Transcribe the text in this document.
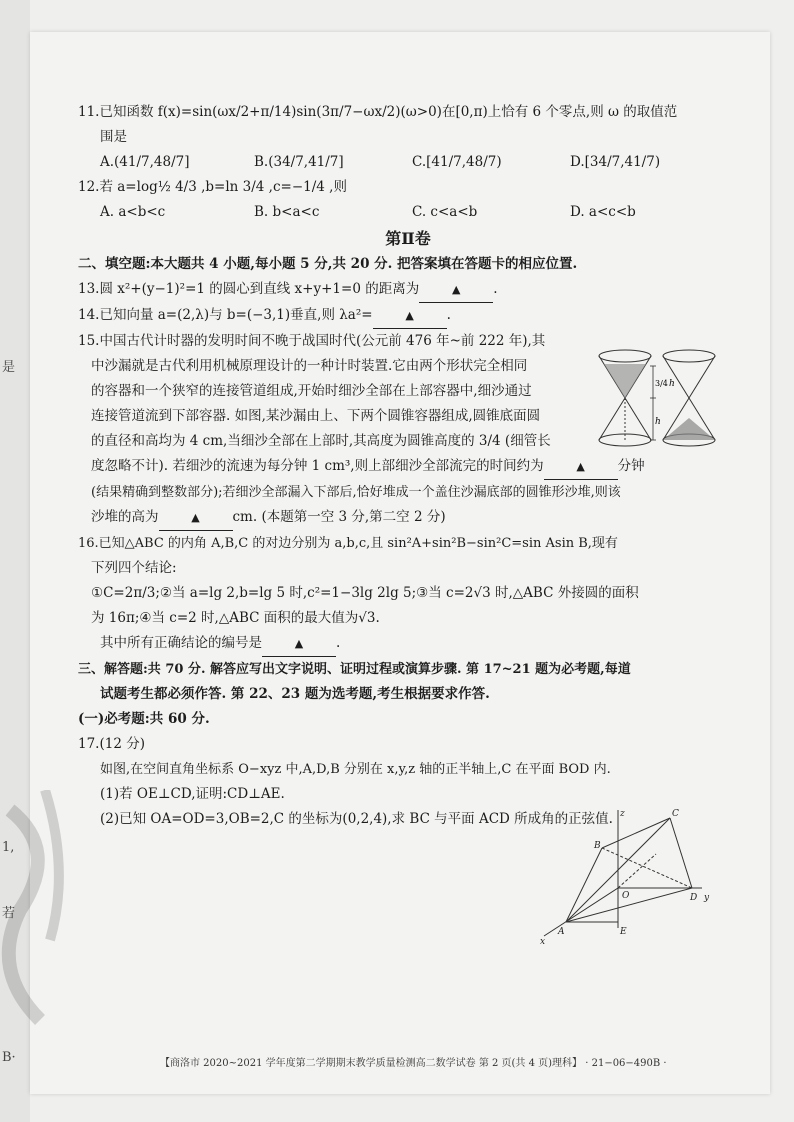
是
1,
若
B·
11.已知函数 f(x)=sin(ωx/2+π/14)sin(3π/7−ωx/2)(ω>0)在[0,π)上恰有 6 个零点,则 ω 的取值范
围是
A.(41/7,48/7]	B.(34/7,41/7]	C.[41/7,48/7)	D.[34/7,41/7)
12.若 a=log½ 4/3 ,b=ln 3/4 ,c=−1/4 ,则
A. a<b<c	B. b<a<c	C. c<a<b	D. a<c<b
第Ⅱ卷
二、填空题:本大题共 4 小题,每小题 5 分,共 20 分. 把答案填在答题卡的相应位置.
13.圆 x²+(y−1)²=1 的圆心到直线 x+y+1=0 的距离为	▲ .
14.已知向量 a=(2,λ)与 b=(−3,1)垂直,则 λa²=	▲ .
15.中国古代计时器的发明时间不晚于战国时代(公元前 476 年~前 222 年),其
中沙漏就是古代利用机械原理设计的一种计时装置.它由两个形状完全相同
的容器和一个狭窄的连接管道组成,开始时细沙全部在上部容器中,细沙通过
连接管道流到下部容器. 如图,某沙漏由上、下两个圆锥容器组成,圆锥底面圆
的直径和高均为 4 cm,当细沙全部在上部时,其高度为圆锥高度的 3/4 (细管长
度忽略不计). 若细沙的流速为每分钟 1 cm³,则上部细沙全部流完的时间约为	▲ 分钟
(结果精确到整数部分);若细沙全部漏入下部后,恰好堆成一个盖住沙漏底部的圆锥形沙堆,则该
沙堆的高为	▲ cm. (本题第一空 3 分,第二空 2 分)
16.已知△ABC 的内角 A,B,C 的对边分别为 a,b,c,且 sin²A+sin²B−sin²C=sin Asin B,现有
下列四个结论:
①C=2π/3;②当 a=lg 2,b=lg 5 时,c²=1−3lg 2lg 5;③当 c=2√3 时,△ABC 外接圆的面积
为 16π;④当 c=2 时,△ABC 面积的最大值为√3.
其中所有正确结论的编号是	▲ .
三、解答题:共 70 分. 解答应写出文字说明、证明过程或演算步骤. 第 17~21 题为必考题,每道
试题考生都必须作答. 第 22、23 题为选考题,考生根据要求作答.
(一)必考题:共 60 分.
17.(12 分)
如图,在空间直角坐标系 O−xyz 中,A,D,B 分别在 x,y,z 轴的正半轴上,C 在平面 BOD 内.
(1)若 OE⊥CD,证明:CD⊥AE.
(2)已知 OA=OD=3,OB=2,C 的坐标为(0,2,4),求 BC 与平面 ACD 所成角的正弦值.
3/4 h
h
z	C
B
O	D y
x
A	E
【商洛市 2020~2021 学年度第二学期期末教学质量检测高二数学试卷 第 2 页(共 4 页)理科】 · 21−06−490B ·
